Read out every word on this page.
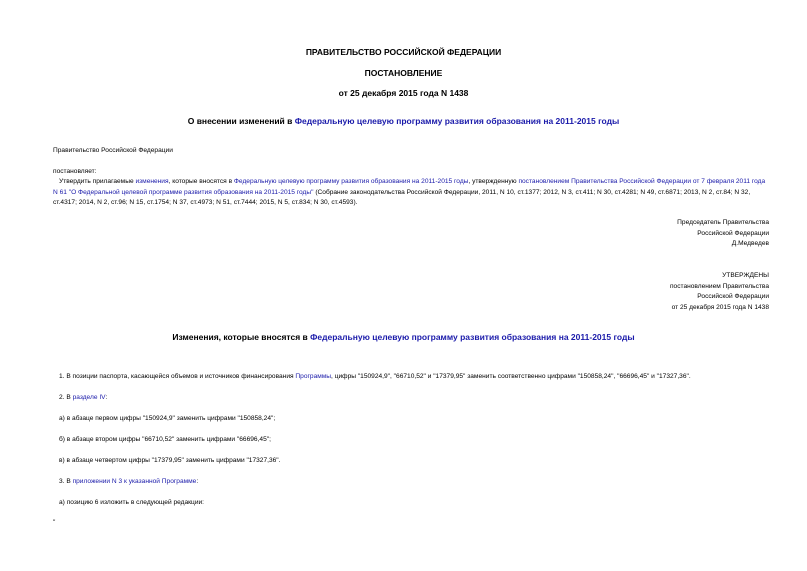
ПРАВИТЕЛЬСТВО РОССИЙСКОЙ ФЕДЕРАЦИИ
ПОСТАНОВЛЕНИЕ
от 25 декабря 2015 года N 1438
О внесении изменений в Федеральную целевую программу развития образования на 2011-2015 годы
Правительство Российской Федерации
постановляет:
Утвердить прилагаемые изменения, которые вносятся в Федеральную целевую программу развития образования на 2011-2015 годы, утвержденную постановлением Правительства Российской Федерации от 7 февраля 2011 года N 61 "О Федеральной целевой программе развития образования на 2011-2015 годы" (Собрание законодательства Российской Федерации, 2011, N 10, ст.1377; 2012, N 3, ст.411; N 30, ст.4281; N 49, ст.6871; 2013, N 2, ст.84; N 32, ст.4317; 2014, N 2, ст.96; N 15, ст.1754; N 37, ст.4973; N 51, ст.7444; 2015, N 5, ст.834; N 30, ст.4593).
Председатель Правительства
Российской Федерации
Д.Медведев
УТВЕРЖДЕНЫ
постановлением Правительства
Российской Федерации
от 25 декабря 2015 года N 1438
Изменения, которые вносятся в Федеральную целевую программу развития образования на 2011-2015 годы
1. В позиции паспорта, касающейся объемов и источников финансирования Программы, цифры "150924,9", "66710,52" и "17379,95" заменить соответственно цифрами "150858,24", "66696,45" и "17327,36".
2. В разделе IV:
а) в абзаце первом цифры "150924,9" заменить цифрами "150858,24";
б) в абзаце втором цифры "66710,52" заменить цифрами "66696,45";
в) в абзаце четвертом цифры "17379,95" заменить цифрами "17327,36".
3. В приложении N 3 к указанной Программе:
а) позицию 6 изложить в следующей редакции:
"
